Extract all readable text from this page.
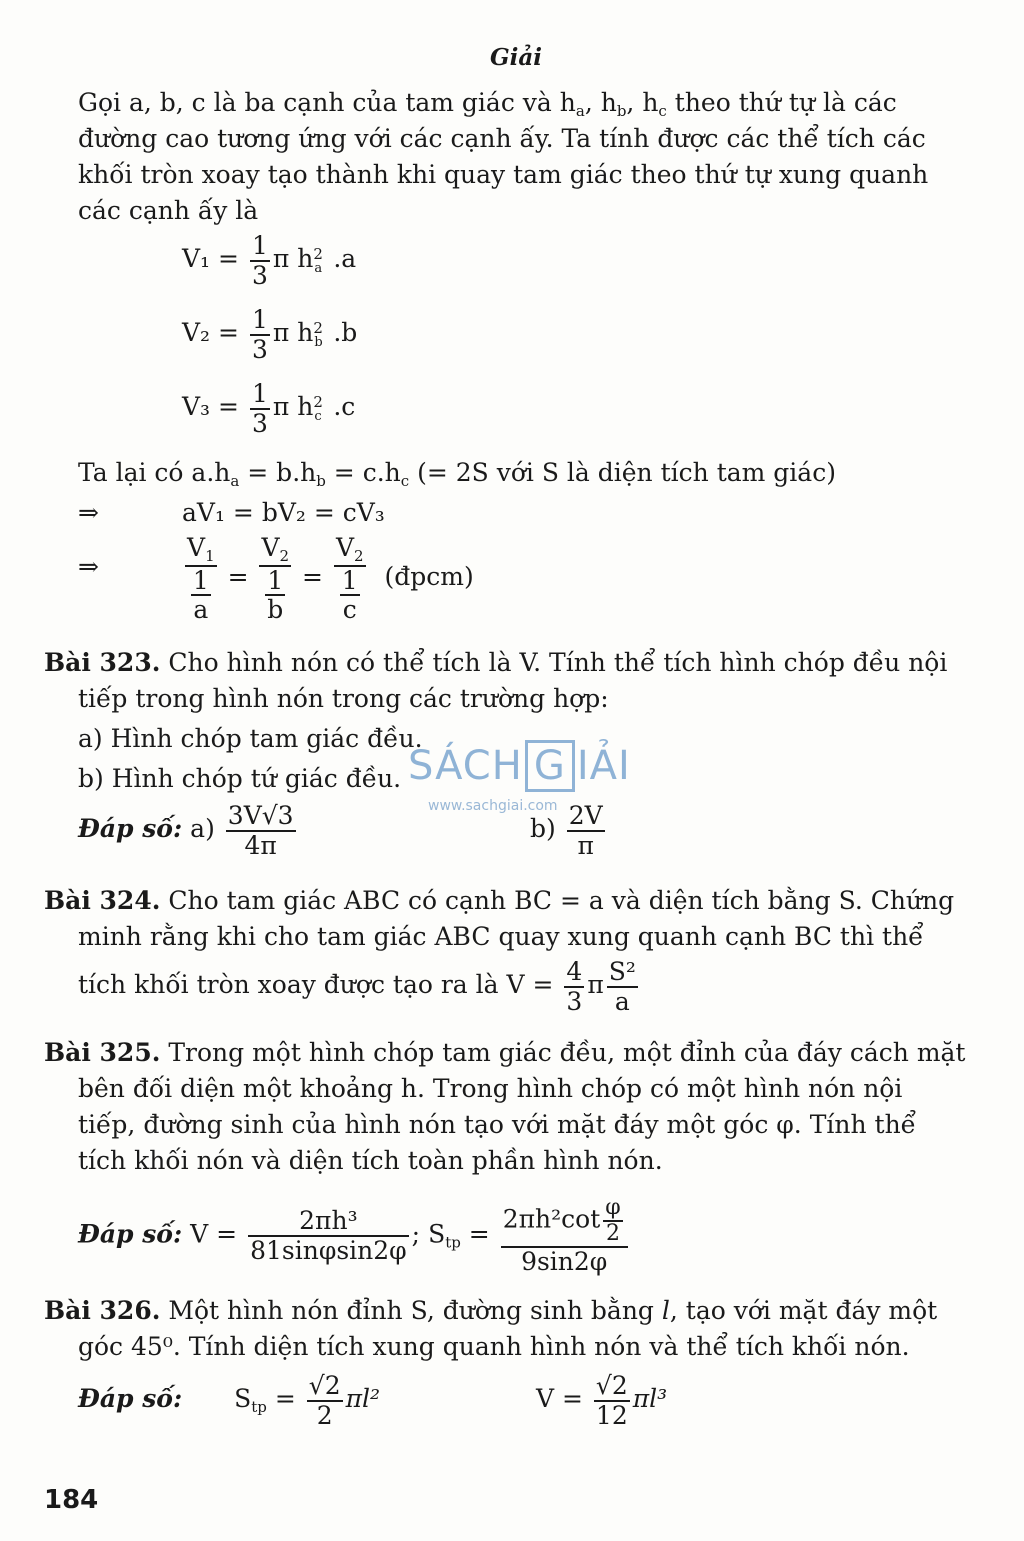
Giải
Gọi a, b, c là ba cạnh của tam giác và $h_a$, $h_b$, $h_c$ theo thứ tự là các
đường cao tương ứng với các cạnh ấy. Ta tính được các thể tích các
khối tròn xoay tạo thành khi quay tam giác theo thứ tự xung quanh
các cạnh ấy là
$V_1 = \frac{1}{3}$ π h 2
a .a
$V_2 = \frac{1}{3}$ π h 2
b .b
$V_3 = \frac{1}{3}$ π h 2
c .c
Ta lại có $a.h_a = b.h_b = c.h_c$ (= 2S với S là diện tích tam giác)
⇒	aV₁ = bV₂ = cV₃
⇒	$\frac{V_1}{\frac{1}{a}} = \frac{V_2}{\frac{1}{b}} = \frac{V_2}{\frac{1}{c}}$ (đpcm)
Bài 323. Cho hình nón có thể tích là V. Tính thể tích hình chóp đều nội
tiếp trong hình nón trong các trường hợp:
a) Hình chóp tam giác đều.
b) Hình chóp tứ giác đều.
Đáp số: $a) \frac{3V√3}{4\pi}$	$b) \frac{2V}{\pi}$
Bài 324. Cho tam giác ABC có cạnh BC = a và diện tích bằng S. Chứng
minh rằng khi cho tam giác ABC quay xung quanh cạnh BC thì thể
tích khối tròn xoay được tạo ra là $V = \frac{4}{3}$ π $\frac{\text{S²}}{a}$
Bài 325. Trong một hình chóp tam giác đều, một đỉnh của đáy cách mặt
bên đối diện một khoảng h. Trong hình chóp có một hình nón nội
tiếp, đường sinh của hình nón tạo với mặt đáy một góc φ. Tính thể
tích khối nón và diện tích toàn phần hình nón.
Đáp số: $V = \frac{\text{2πh³}}{81\sin\varphi\sin 2\varphi}$ ; $S_{tp} = \frac{2\pi h^2\cot \frac{\varphi}{2}}{9\sin 2\varphi}$
Bài 326. Một hình nón đỉnh S, đường sinh bằng l, tạo với mặt đáy một
góc 45⁰. Tính diện tích xung quanh hình nón và thể tích khối nón.
Đáp số: $S_{tp} = \frac{√2}{2} \pi l^2$	$V = \frac{√2}{12} \pi l^3$
SÁCH G IẢI
www.sachgiai.com
184
